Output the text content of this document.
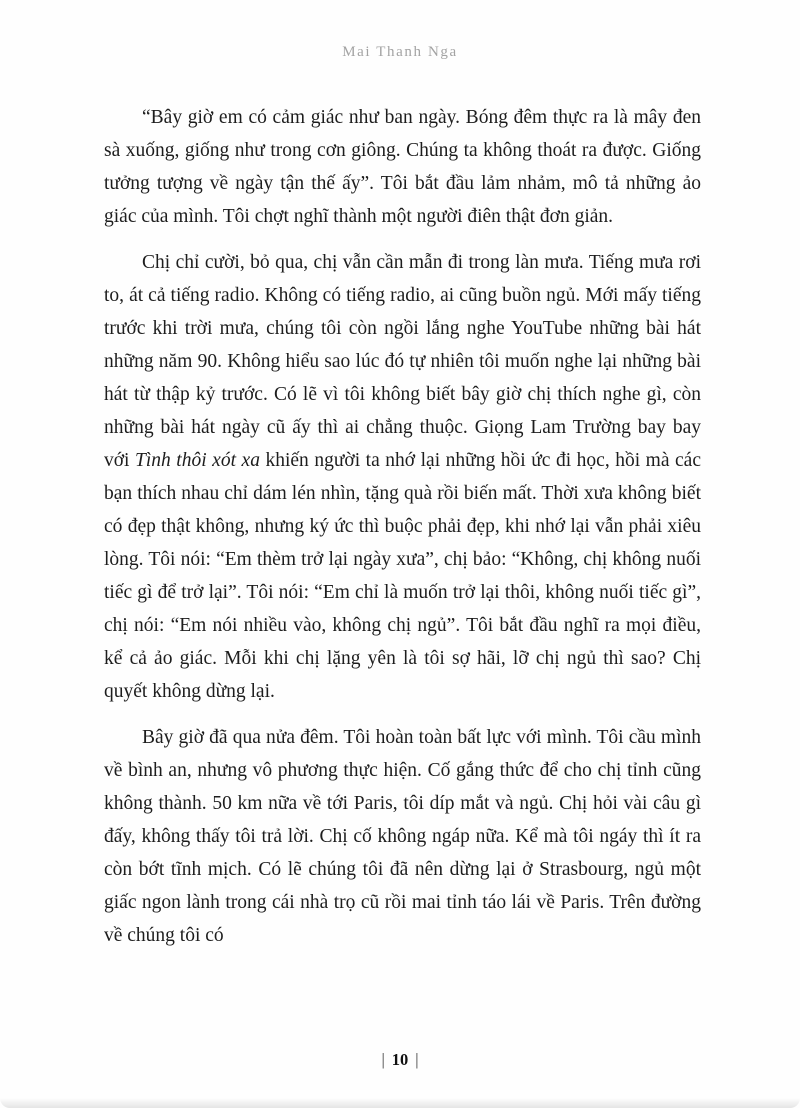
Mai Thanh Nga

“Bây giờ em có cảm giác như ban ngày. Bóng đêm thực ra là mây đen sà xuống, giống như trong cơn giông. Chúng ta không thoát ra được. Giống tưởng tượng về ngày tận thế ấy”. Tôi bắt đầu lảm nhảm, mô tả những ảo giác của mình. Tôi chợt nghĩ thành một người điên thật đơn giản.

Chị chỉ cười, bỏ qua, chị vẫn cần mẫn đi trong làn mưa. Tiếng mưa rơi to, át cả tiếng radio. Không có tiếng radio, ai cũng buồn ngủ. Mới mấy tiếng trước khi trời mưa, chúng tôi còn ngồi lắng nghe YouTube những bài hát những năm 90. Không hiểu sao lúc đó tự nhiên tôi muốn nghe lại những bài hát từ thập kỷ trước. Có lẽ vì tôi không biết bây giờ chị thích nghe gì, còn những bài hát ngày cũ ấy thì ai chẳng thuộc. Giọng Lam Trường bay bay với Tình thôi xót xa khiến người ta nhớ lại những hồi ức đi học, hồi mà các bạn thích nhau chỉ dám lén nhìn, tặng quà rồi biến mất. Thời xưa không biết có đẹp thật không, nhưng ký ức thì buộc phải đẹp, khi nhớ lại vẫn phải xiêu lòng. Tôi nói: “Em thèm trở lại ngày xưa”, chị bảo: “Không, chị không nuối tiếc gì để trở lại”. Tôi nói: “Em chỉ là muốn trở lại thôi, không nuối tiếc gì”, chị nói: “Em nói nhiều vào, không chị ngủ”. Tôi bắt đầu nghĩ ra mọi điều, kể cả ảo giác. Mỗi khi chị lặng yên là tôi sợ hãi, lỡ chị ngủ thì sao? Chị quyết không dừng lại.

Bây giờ đã qua nửa đêm. Tôi hoàn toàn bất lực với mình. Tôi cầu mình về bình an, nhưng vô phương thực hiện. Cố gắng thức để cho chị tỉnh cũng không thành. 50 km nữa về tới Paris, tôi díp mắt và ngủ. Chị hỏi vài câu gì đấy, không thấy tôi trả lời. Chị cố không ngáp nữa. Kể mà tôi ngáy thì ít ra còn bớt tĩnh mịch. Có lẽ chúng tôi đã nên dừng lại ở Strasbourg, ngủ một giấc ngon lành trong cái nhà trọ cũ rồi mai tỉnh táo lái về Paris. Trên đường về chúng tôi có

| 10 |
